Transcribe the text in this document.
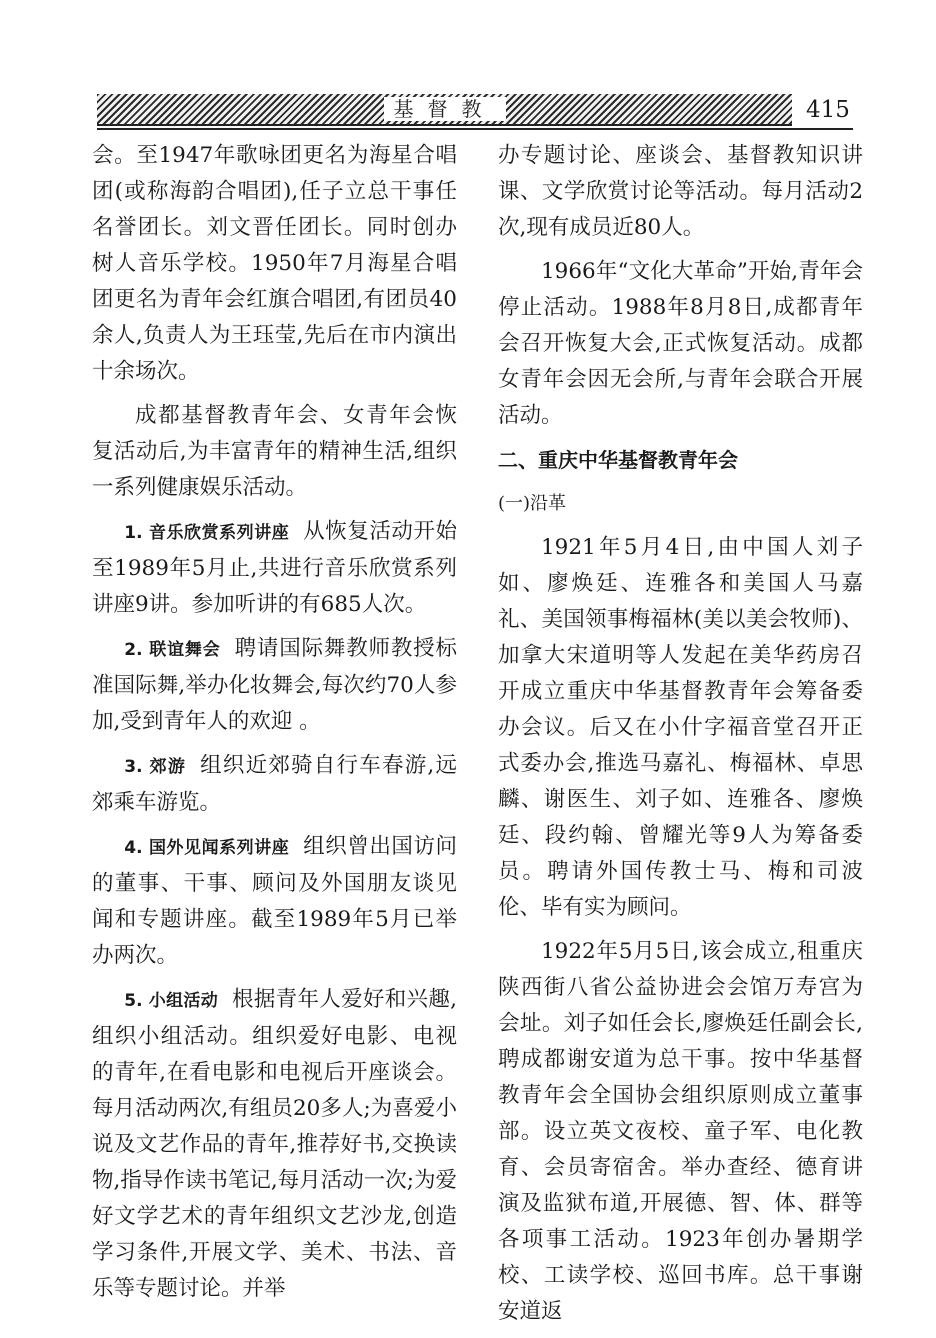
基督教	415

会。至1947年歌咏团更名为海星合唱团(或称海韵合唱团),任子立总干事任名誉团长。刘文晋任团长。同时创办树人音乐学校。1950年7月海星合唱团更名为青年会红旗合唱团,有团员40余人,负责人为王珏莹,先后在市内演出十余场次。

成都基督教青年会、女青年会恢复活动后,为丰富青年的精神生活,组织一系列健康娱乐活动。

1. 音乐欣赏系列讲座 从恢复活动开始至1989年5月止,共进行音乐欣赏系列讲座9讲。参加听讲的有685人次。

2. 联谊舞会 聘请国际舞教师教授标准国际舞,举办化妆舞会,每次约70人参加,受到青年人的欢迎 。

3. 郊游 组织近郊骑自行车春游,远郊乘车游览。

4. 国外见闻系列讲座 组织曾出国访问的董事、干事、顾问及外国朋友谈见闻和专题讲座。截至1989年5月已举办两次。

5. 小组活动 根据青年人爱好和兴趣,组织小组活动。组织爱好电影、电视的青年,在看电影和电视后开座谈会。每月活动两次,有组员20多人;为喜爱小说及文艺作品的青年,推荐好书,交换读物,指导作读书笔记,每月活动一次;为爱好文学艺术的青年组织文艺沙龙,创造学习条件,开展文学、美术、书法、音乐等专题讨论。并举

办专题讨论、座谈会、基督教知识讲课、文学欣赏讨论等活动。每月活动2次,现有成员近80人。

1966年“文化大革命”开始,青年会停止活动。1988年8月8日,成都青年会召开恢复大会,正式恢复活动。成都女青年会因无会所,与青年会联合开展活动。

二、重庆中华基督教青年会

(一)沿革

1921年5月4日,由中国人刘子如、廖焕廷、连雅各和美国人马嘉礼、美国领事梅福林(美以美会牧师)、加拿大宋道明等人发起在美华药房召开成立重庆中华基督教青年会筹备委办会议。后又在小什字福音堂召开正式委办会,推选马嘉礼、梅福林、卓思麟、谢医生、刘子如、连雅各、廖焕廷、段约翰、曾耀光等9人为筹备委员。聘请外国传教士马、梅和司波伦、毕有实为顾问。

1922年5月5日,该会成立,租重庆陕西街八省公益协进会会馆万寿宫为会址。刘子如任会长,廖焕廷任副会长,聘成都谢安道为总干事。按中华基督教青年会全国协会组织原则成立董事部。设立英文夜校、童子军、电化教育、会员寄宿舍。举办查经、德育讲演及监狱布道,开展德、智、体、群等各项事工活动。1923年创办暑期学校、工读学校、巡回书库。总干事谢安道返
